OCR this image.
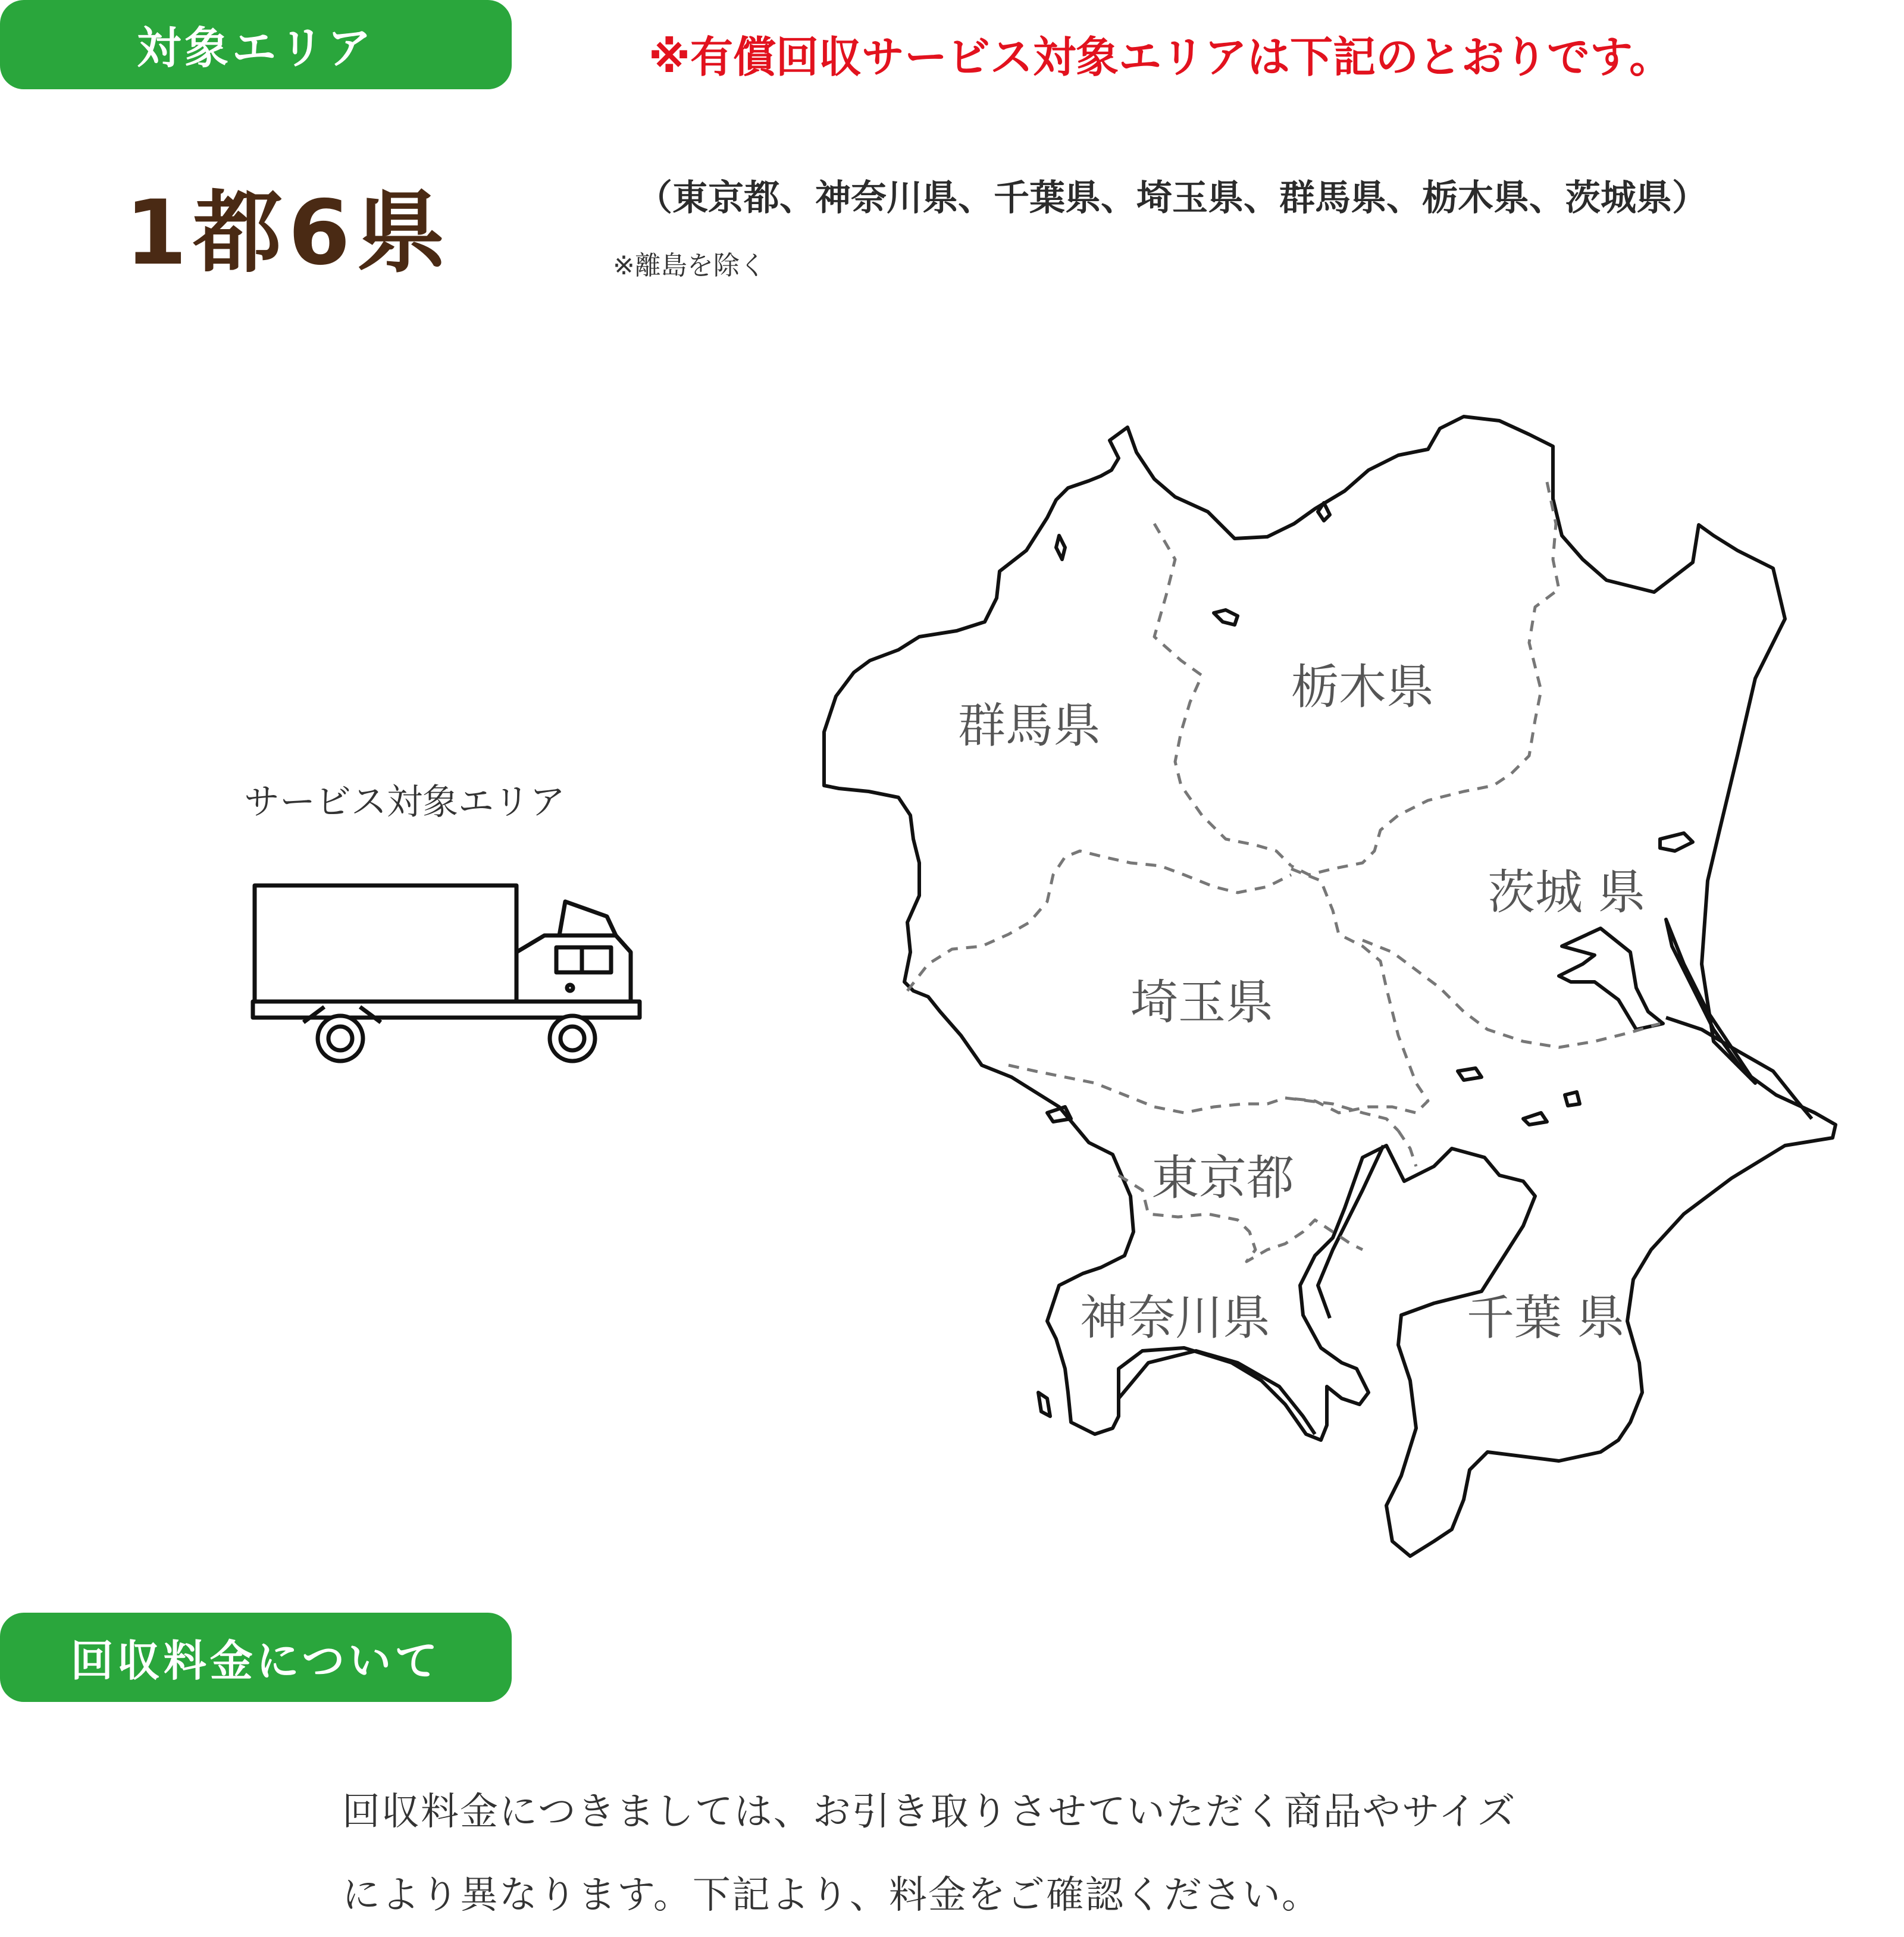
対象エリア	※有償回収サービス対象エリアは下記のとおりです。
1都6県	（東京都、神奈川県、千葉県、埼玉県、群馬県、栃木県、茨城県）
※離島を除く
サービス対象エリア
群馬県
栃木県
茨城 県
埼玉県
東京都
神奈川県	千葉 県
回収料金について
回収料金につきましては、お引き取りさせていただく商品やサイズ
により異なります。下記より、料金をご確認ください。
